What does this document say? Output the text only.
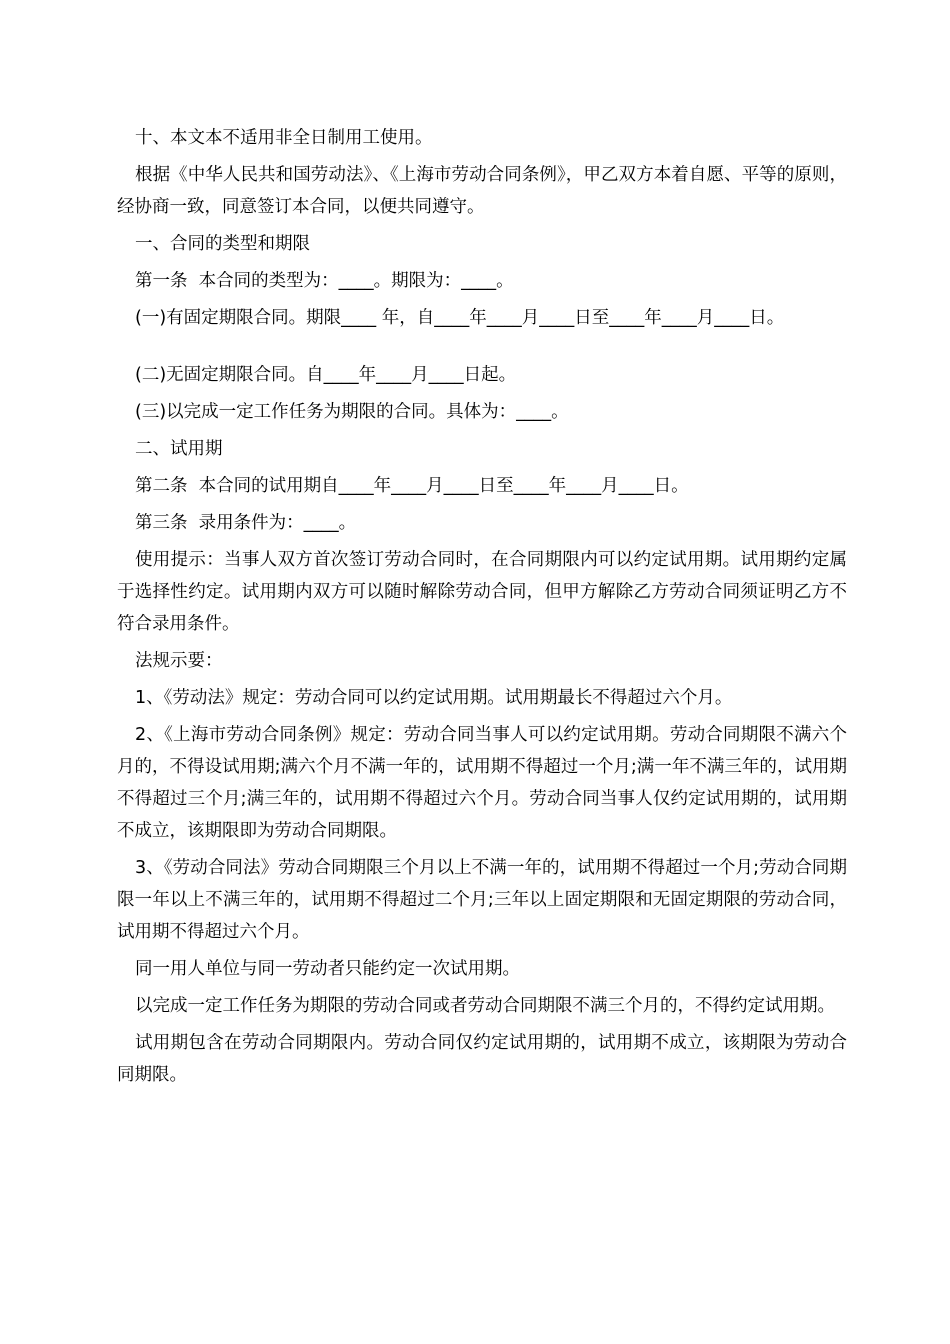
十、本文本不适用非全日制用工使用。

根据《中华人民共和国劳动法》、《上海市劳动合同条例》，甲乙双方本着自愿、平等的原则，经协商一致，同意签订本合同，以便共同遵守。

一、合同的类型和期限

第一条  本合同的类型为：____。期限为：____。

(一)有固定期限合同。期限____ 年，自____年____月____日至____年____月____日。

(二)无固定期限合同。自____年____月____日起。

(三)以完成一定工作任务为期限的合同。具体为：____。

二、试用期

第二条  本合同的试用期自____年____月____日至____年____月____日。

第三条  录用条件为：____。

使用提示：当事人双方首次签订劳动合同时，在合同期限内可以约定试用期。试用期约定属于选择性约定。试用期内双方可以随时解除劳动合同，但甲方解除乙方劳动合同须证明乙方不符合录用条件。

法规示要：

1、《劳动法》规定：劳动合同可以约定试用期。试用期最长不得超过六个月。

2、《上海市劳动合同条例》规定：劳动合同当事人可以约定试用期。劳动合同期限不满六个月的，不得设试用期;满六个月不满一年的，试用期不得超过一个月;满一年不满三年的，试用期不得超过三个月;满三年的，试用期不得超过六个月。劳动合同当事人仅约定试用期的，试用期不成立，该期限即为劳动合同期限。

3、《劳动合同法》劳动合同期限三个月以上不满一年的，试用期不得超过一个月;劳动合同期限一年以上不满三年的，试用期不得超过二个月;三年以上固定期限和无固定期限的劳动合同，试用期不得超过六个月。

同一用人单位与同一劳动者只能约定一次试用期。

以完成一定工作任务为期限的劳动合同或者劳动合同期限不满三个月的，不得约定试用期。

试用期包含在劳动合同期限内。劳动合同仅约定试用期的，试用期不成立，该期限为劳动合同期限。
